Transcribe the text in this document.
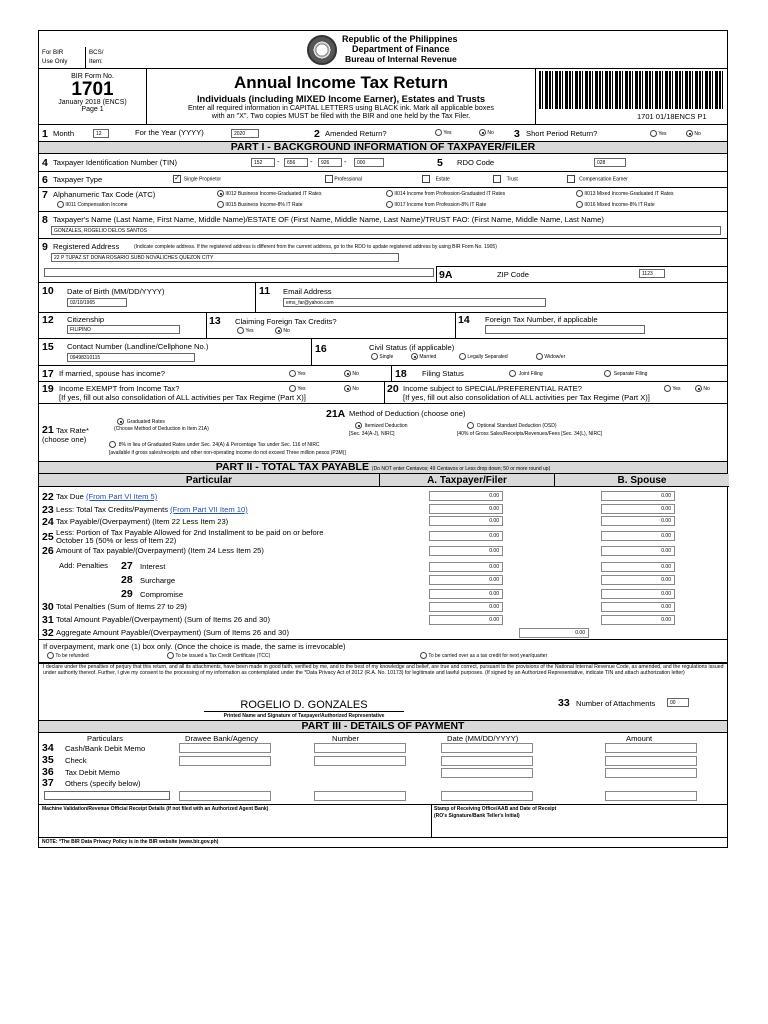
For BIR
Use Only
BCS/
Item:
Republic of the Philippines
Department of Finance
Bureau of Internal Revenue
BIR Form No.
1701
January 2018 (ENCS)
Page 1
Annual Income Tax Return
Individuals (including MIXED Income Earner), Estates and Trusts
Enter all required information in CAPITAL LETTERS using BLACK ink. Mark all applicable boxes
with an "X". Two copies MUST be filed with the BIR and one held by the Tax Filer.	1701 01/18ENCS P1
1 Month	12	For the Year (YYYY)	2020	2 Amended Return?	Yes	No 3 Short Period Return?	Yes	No
PART I - BACKGROUND INFORMATION OF TAXPAYER/FILER
4 Taxpayer Identification Number (TIN)	152	-	656	-	926	-	000	5 RDO Code	028
6 Taxpayer Type	✓ Single Proprietor	Professional	Estate	Trust	Compensation Earner
7 Alphanumeric Tax Code (ATC)	II012 Business Income-Graduated IT Rates	II014 Income from Profession-Graduated IT Rates	II013 Mixed Income-Graduated IT Rates
II011 Compensation Income	II015 Business Income-8% IT Rate	II017 Income from Profession-8% IT Rate	II016 Mixed Income-8% IT Rate
8 Taxpayer's Name (Last Name, First Name, Middle Name)/ESTATE OF (First Name, Middle Name, Last Name)/TRUST FAO: (First Name, Middle Name, Last Name)
GONZALES, ROGELIO DELOS SANTOS
9 Registered Address	(Indicate complete address. If the registered address is different from the current address, go to the RDO to update registered address by using BIR Form No. 1905)
22 P TUPAZ ST DONA ROSARIO SUBD NOVALICHES QUEZON CITY
9A	ZIP Code	1123
10 Date of Birth (MM/DD/YYYY)
02/10/1965
11 Email Address
ems_far@yahoo.com
12 Citizenship
FILIPINO
13 Claiming Foreign Tax Credits?
Yes	No
14 Foreign Tax Number, if applicable
15 Contact Number (Landline/Cellphone No.)
09498310115
16	Civil Status (if applicable)
Single	Married	Legally Separated	Widow/er
17 If married, spouse has income?	Yes	No	18 Filing Status	Joint Filing	Separate Filing
19 Income EXEMPT from Income Tax?	Yes	No
[If yes, fill out also consolidation of ALL activities per Tax Regime (Part X)]
20 Income subject to SPECIAL/PREFERENTIAL RATE?	Yes	No
[If yes, fill out also consolidation of ALL activities per Tax Regime (Part X)]
21 Tax Rate*
(choose one)
Graduated Rates
(Choose Method of Deduction in Item 21A)
21A Method of Deduction (choose one)
Itemized Deduction
[Sec. 34(A-J), NIRC]
Optional Standard Deduction (OSD)
[40% of Gross Sales/Receipts/Revenues/Fees [Sec. 34(L), NIRC]
8% in lieu of Graduated Rates under Sec. 24(A) & Percentage Tax under Sec. 116 of NIRC
[available if gross sales/receipts and other non-operating income do not exceed Three million pesos (P3M)]
PART II - TOTAL TAX PAYABLE (Do NOT enter Centavos; 49 Centavos or Less drop down; 50 or more round up)
Particular	A. Taxpayer/Filer	B. Spouse
22 Tax Due (From Part VI Item 5)	0.00	0.00
23 Less: Total Tax Credits/Payments (From Part VII Item 10)	0.00	0.00
24 Tax Payable/(Overpayment) (Item 22 Less Item 23)	0.00	0.00
25 Less: Portion of Tax Payable Allowed for 2nd Installment to be paid on or before
October 15 (50% or less of Item 22)	0.00	0.00
26 Amount of Tax payable/(Overpayment) (Item 24 Less Item 25)	0.00	0.00
Add: Penalties 27 Interest	0.00	0.00
28 Surcharge	0.00	0.00
29 Compromise	0.00	0.00
30 Total Penalties (Sum of Items 27 to 29)	0.00	0.00
31 Total Amount Payable/(Overpayment) (Sum of Items 26 and 30)	0.00	0.00
32 Aggregate Amount Payable/(Overpayment) (Sum of Items 26 and 30)	0.00
If overpayment, mark one (1) box only. (Once the choice is made, the same is irrevocable)
To be refunded	To be issued a Tax Credit Certificate (TCC)	To be carried over as a tax credit for next year/quarter
I declare under the penalties of perjury that this return, and all its attachments, have been made in good faith, verified by me, and to the best of my knowledge and belief, are true and correct, pursuant to the provisions of the National Internal Revenue Code, as amended, and the regulations issued under authority thereof. Further, I give my consent to the processing of my information as contemplated under the *Data Privacy Act of 2012 (R.A. No. 10173) for legitimate and lawful purposes. (If signed by an Authorized Representative, indicate TIN and attach authorization letter)
ROGELIO D. GONZALES
Printed Name and Signature of Taxpayer/Authorized Representative
33 Number of Attachments	00
PART III - DETAILS OF PAYMENT
Particulars	Drawee Bank/Agency	Number	Date (MM/DD/YYYY)	Amount
34 Cash/Bank Debit Memo
35 Check
36 Tax Debit Memo
37 Others (specify below)
Machine Validation/Revenue Official Receipt Details (If not filed with an Authorized Agent Bank)	Stamp of Receiving Office/AAB and Date of Receipt
(RO's Signature/Bank Teller's Initial)
NOTE: *The BIR Data Privacy Policy is in the BIR website (www.bir.gov.ph)
